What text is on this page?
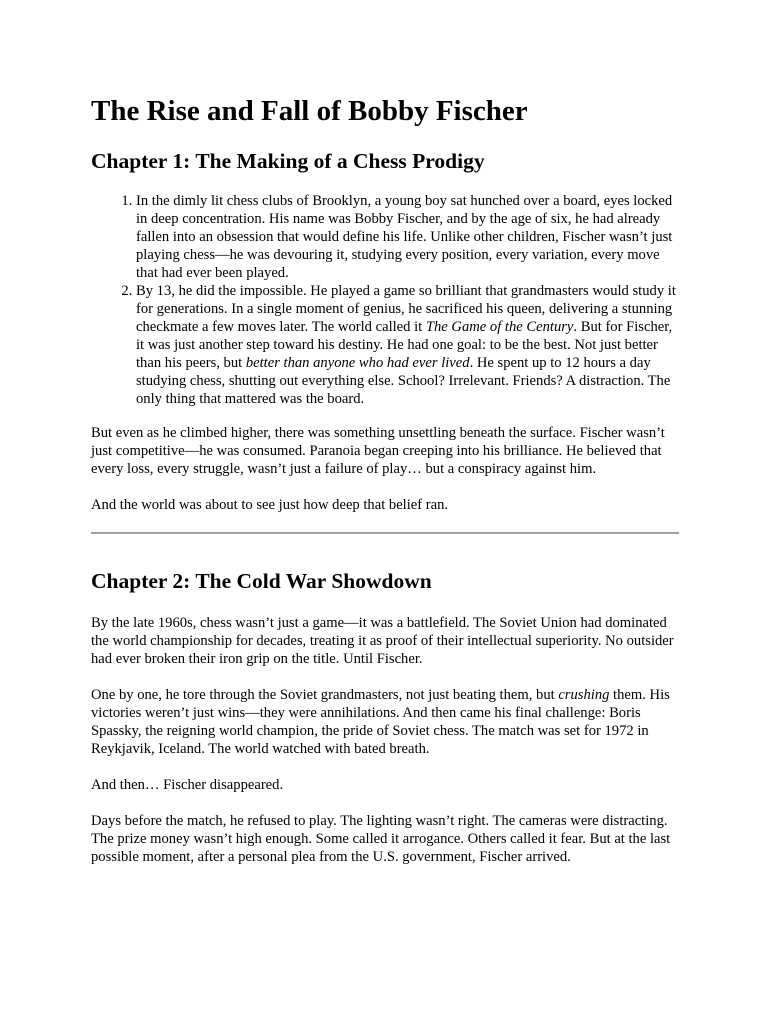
The Rise and Fall of Bobby Fischer
Chapter 1: The Making of a Chess Prodigy
1. In the dimly lit chess clubs of Brooklyn, a young boy sat hunched over a board, eyes locked in deep concentration. His name was Bobby Fischer, and by the age of six, he had already fallen into an obsession that would define his life. Unlike other children, Fischer wasn’t just playing chess—he was devouring it, studying every position, every variation, every move that had ever been played.
2. By 13, he did the impossible. He played a game so brilliant that grandmasters would study it for generations. In a single moment of genius, he sacrificed his queen, delivering a stunning checkmate a few moves later. The world called it The Game of the Century. But for Fischer, it was just another step toward his destiny. He had one goal: to be the best. Not just better than his peers, but better than anyone who had ever lived. He spent up to 12 hours a day studying chess, shutting out everything else. School? Irrelevant. Friends? A distraction. The only thing that mattered was the board.

But even as he climbed higher, there was something unsettling beneath the surface. Fischer wasn’t just competitive—he was consumed. Paranoia began creeping into his brilliance. He believed that every loss, every struggle, wasn’t just a failure of play… but a conspiracy against him.

And the world was about to see just how deep that belief ran.

Chapter 2: The Cold War Showdown

By the late 1960s, chess wasn’t just a game—it was a battlefield. The Soviet Union had dominated the world championship for decades, treating it as proof of their intellectual superiority. No outsider had ever broken their iron grip on the title. Until Fischer.

One by one, he tore through the Soviet grandmasters, not just beating them, but crushing them. His victories weren’t just wins—they were annihilations. And then came his final challenge: Boris Spassky, the reigning world champion, the pride of Soviet chess. The match was set for 1972 in Reykjavik, Iceland. The world watched with bated breath.

And then… Fischer disappeared.

Days before the match, he refused to play. The lighting wasn’t right. The cameras were distracting. The prize money wasn’t high enough. Some called it arrogance. Others called it fear. But at the last possible moment, after a personal plea from the U.S. government, Fischer arrived.
